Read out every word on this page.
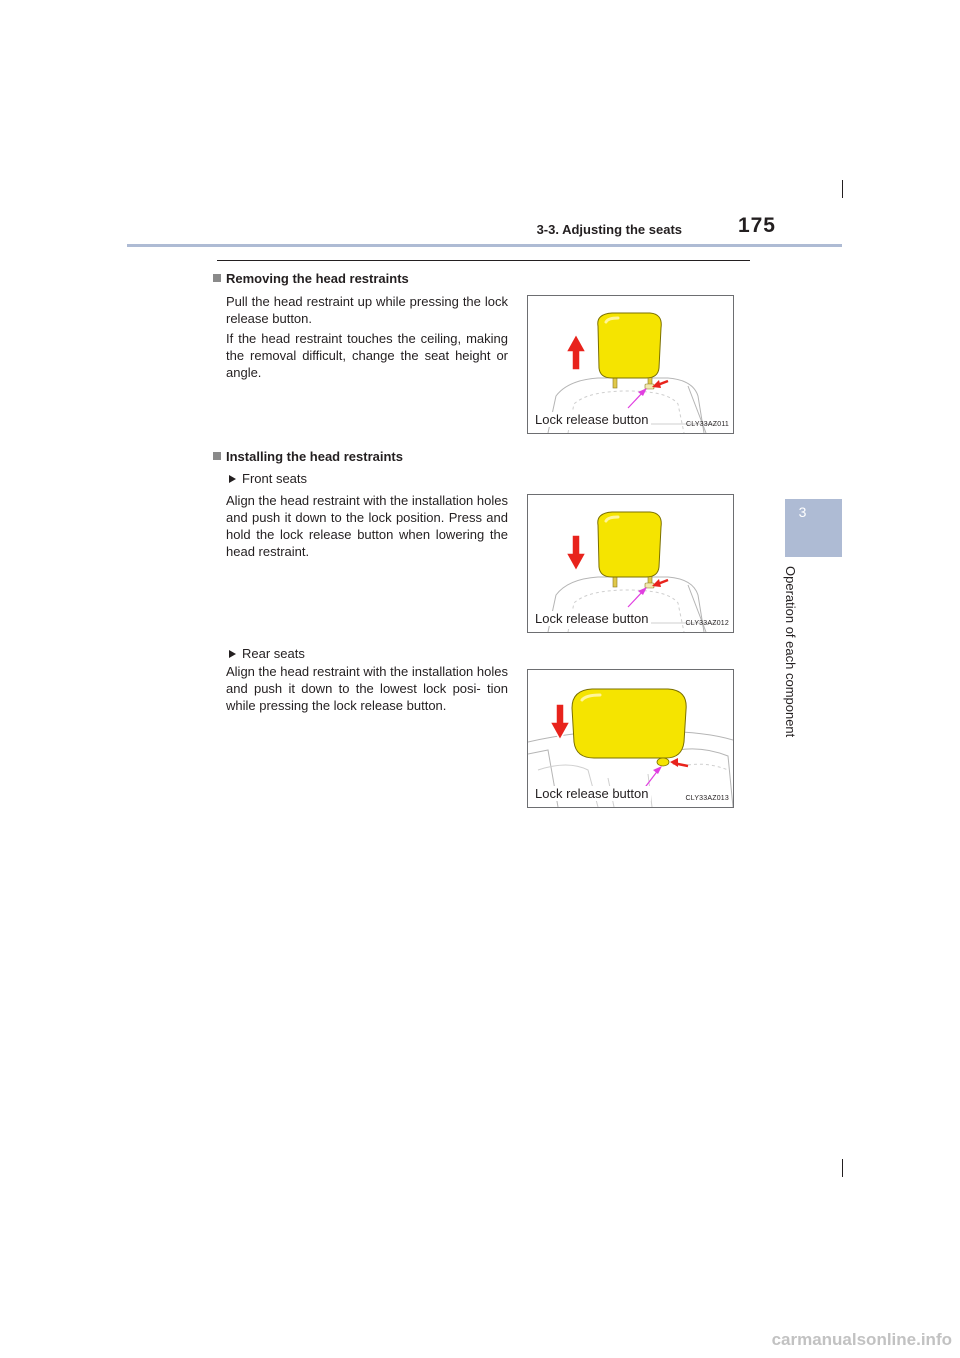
3-3. Adjusting the seats	175
3
Operation of each component
Removing the head restraints
Pull the head restraint up while pressing the lock release button.
If the head restraint touches the ceiling, making the removal difficult, change the seat height or angle.
Lock release button	CLY33AZ011
Installing the head restraints
Front seats
Align the head restraint with the installation holes and push it down to the lock position. Press and hold the lock release button when lowering the head restraint.
Lock release button	CLY33AZ012
Rear seats
Align the head restraint with the installation holes and push it down to the lowest lock posi- tion while pressing the lock release button.
Lock release button	CLY33AZ013
carmanualsonline.info
